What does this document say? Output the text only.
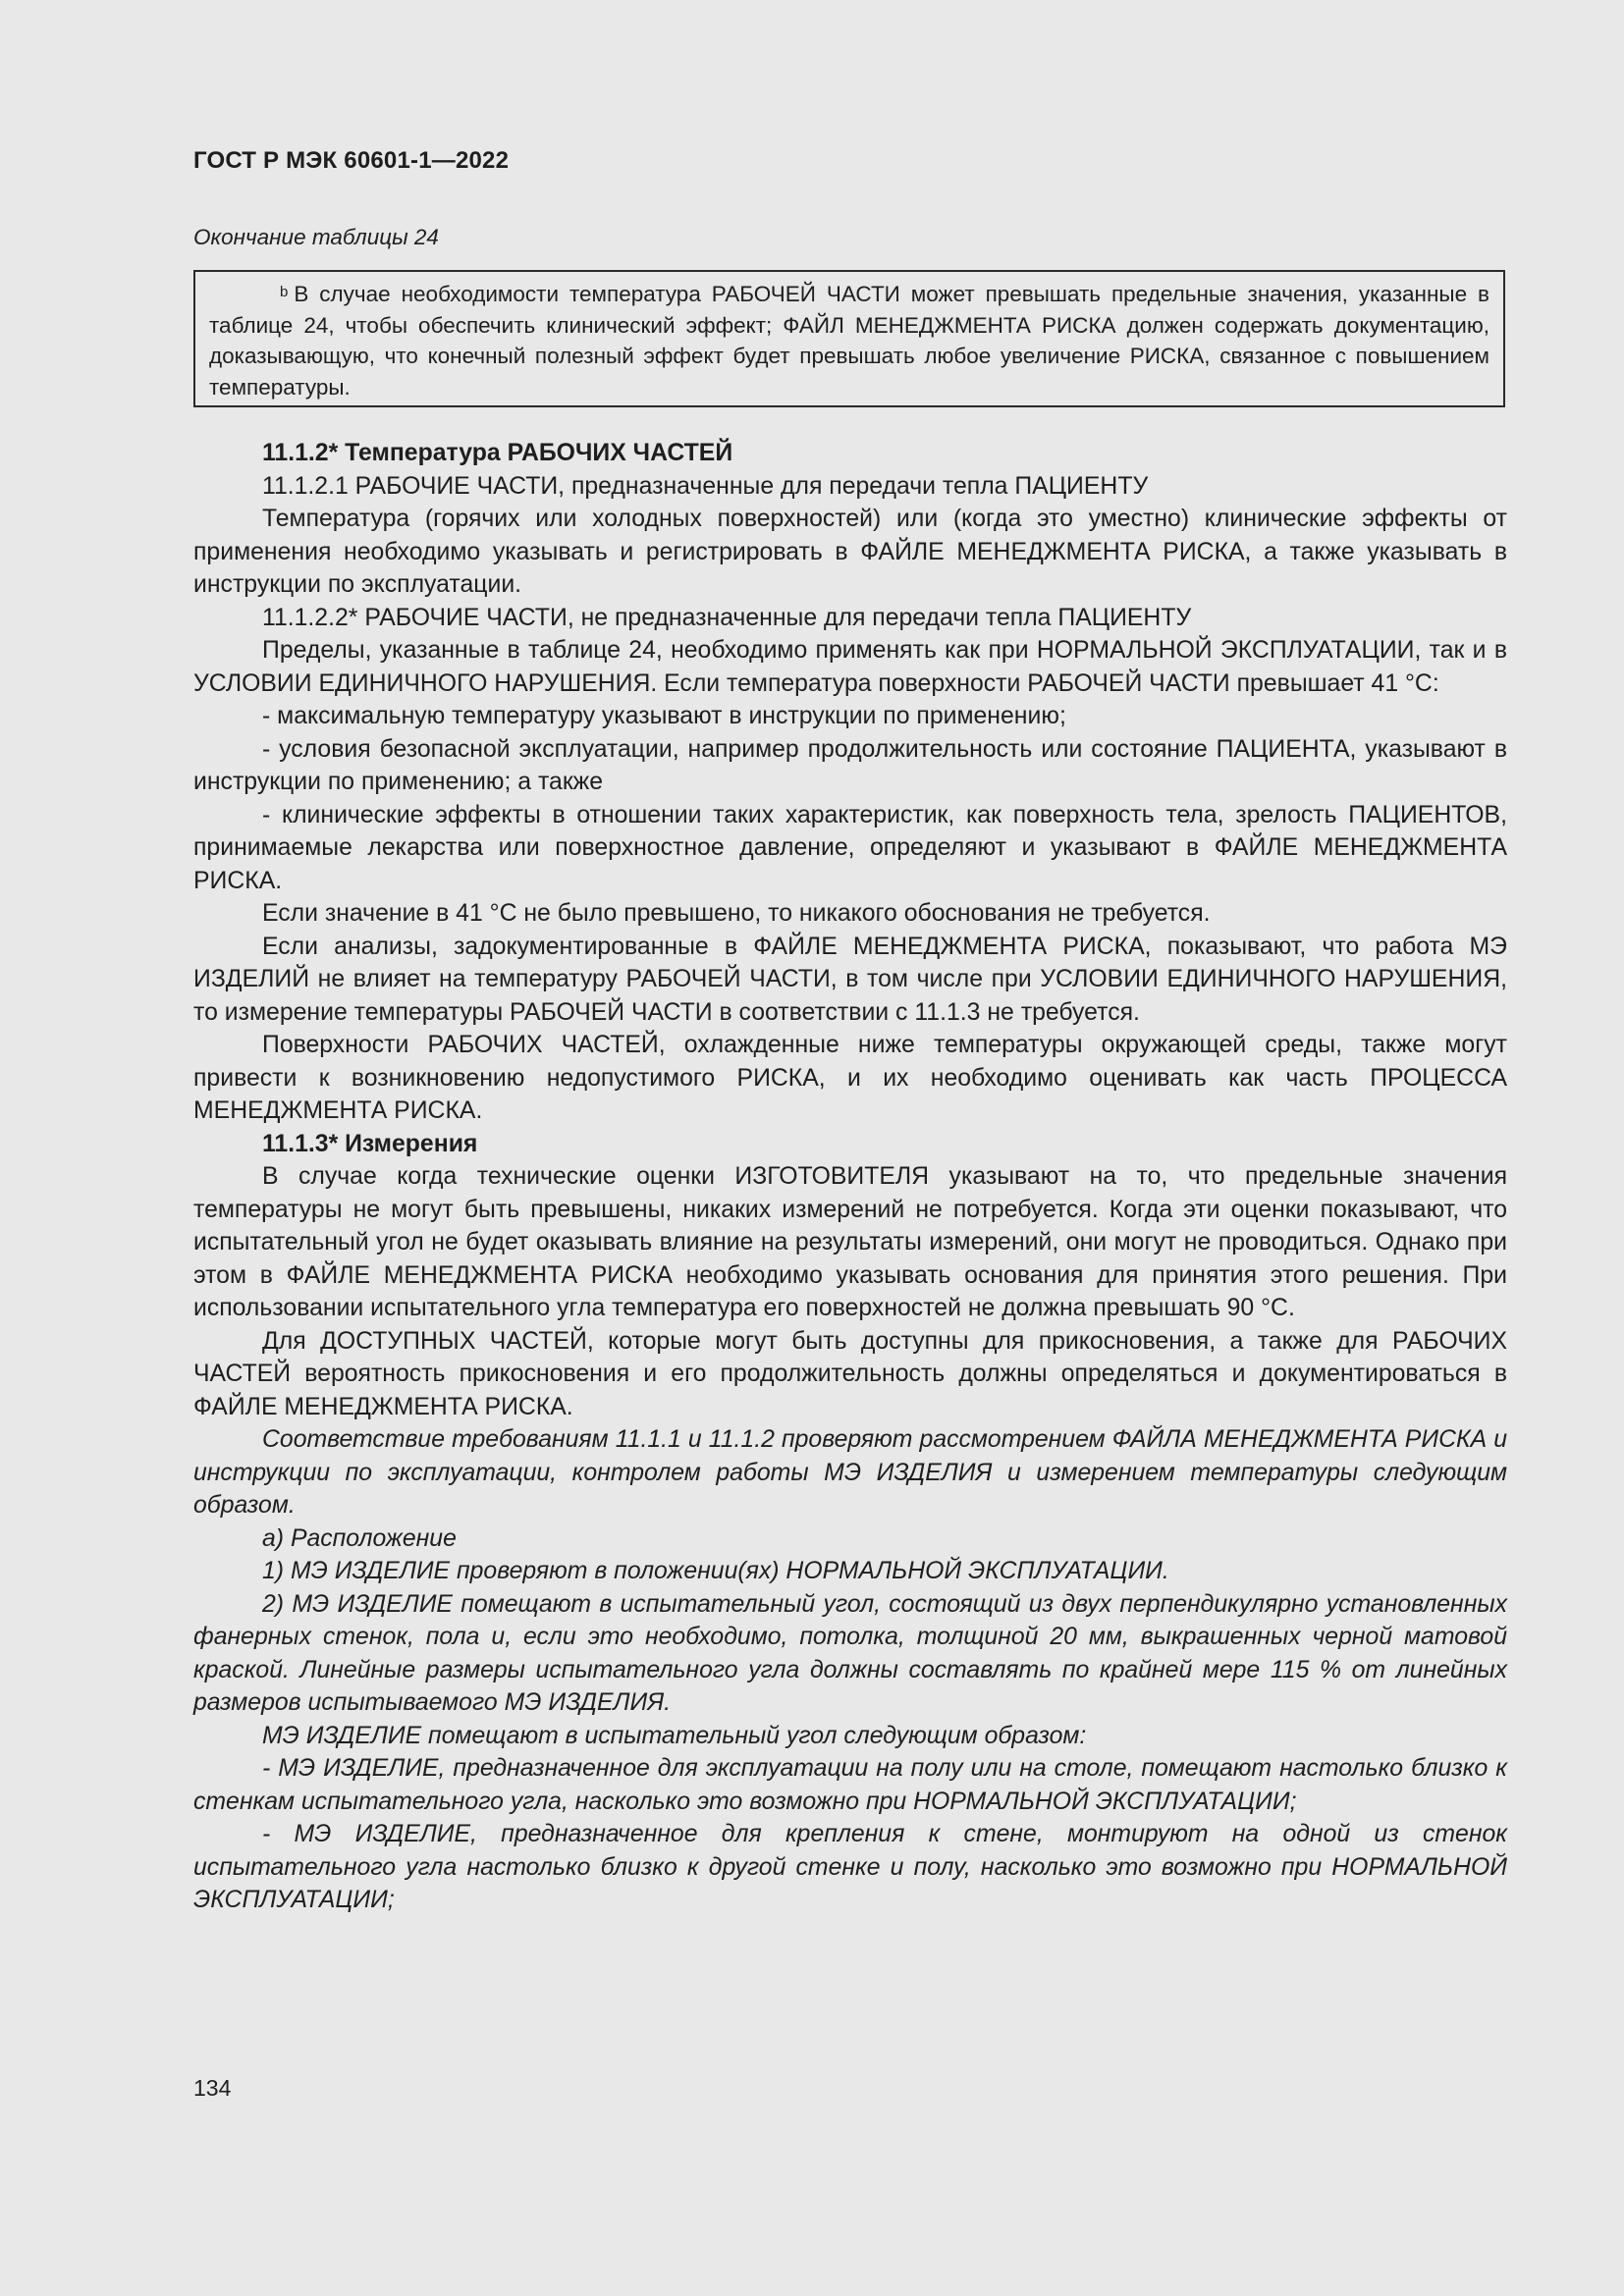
ГОСТ Р МЭК 60601-1—2022
Окончание таблицы 24

$^b$ В случае необходимости температура РАБОЧЕЙ ЧАСТИ может превышать предельные значения, указанные в таблице 24, чтобы обеспечить клинический эффект; ФАЙЛ МЕНЕДЖМЕНТА РИСКА должен содержать документацию, доказывающую, что конечный полезный эффект будет превышать любое увеличение РИСКА, связанное с повышением температуры.

11.1.2* Температура РАБОЧИХ ЧАСТЕЙ

11.1.2.1 РАБОЧИЕ ЧАСТИ, предназначенные для передачи тепла ПАЦИЕНТУ

Температура (горячих или холодных поверхностей) или (когда это уместно) клинические эффекты от применения необходимо указывать и регистрировать в ФАЙЛЕ МЕНЕДЖМЕНТА РИСКА, а также указывать в инструкции по эксплуатации.

11.1.2.2* РАБОЧИЕ ЧАСТИ, не предназначенные для передачи тепла ПАЦИЕНТУ

Пределы, указанные в таблице 24, необходимо применять как при НОРМАЛЬНОЙ ЭКСПЛУАТАЦИИ, так и в УСЛОВИИ ЕДИНИЧНОГО НАРУШЕНИЯ. Если температура поверхности РАБОЧЕЙ ЧАСТИ превышает 41 °С:

- максимальную температуру указывают в инструкции по применению;

- условия безопасной эксплуатации, например продолжительность или состояние ПАЦИЕНТА, указывают в инструкции по применению; а также

- клинические эффекты в отношении таких характеристик, как поверхность тела, зрелость ПАЦИЕНТОВ, принимаемые лекарства или поверхностное давление, определяют и указывают в ФАЙЛЕ МЕНЕДЖМЕНТА РИСКА.

Если значение в 41 °С не было превышено, то никакого обоснования не требуется.

Если анализы, задокументированные в ФАЙЛЕ МЕНЕДЖМЕНТА РИСКА, показывают, что работа МЭ ИЗДЕЛИЙ не влияет на температуру РАБОЧЕЙ ЧАСТИ, в том числе при УСЛОВИИ ЕДИНИЧНОГО НАРУШЕНИЯ, то измерение температуры РАБОЧЕЙ ЧАСТИ в соответствии с 11.1.3 не требуется.

Поверхности РАБОЧИХ ЧАСТЕЙ, охлажденные ниже температуры окружающей среды, также могут привести к возникновению недопустимого РИСКА, и их необходимо оценивать как часть ПРОЦЕССА МЕНЕДЖМЕНТА РИСКА.

11.1.3* Измерения

В случае когда технические оценки ИЗГОТОВИТЕЛЯ указывают на то, что предельные значения температуры не могут быть превышены, никаких измерений не потребуется. Когда эти оценки показывают, что испытательный угол не будет оказывать влияние на результаты измерений, они могут не проводиться. Однако при этом в ФАЙЛЕ МЕНЕДЖМЕНТА РИСКА необходимо указывать основания для принятия этого решения. При использовании испытательного угла температура его поверхностей не должна превышать 90 °С.

Для ДОСТУПНЫХ ЧАСТЕЙ, которые могут быть доступны для прикосновения, а также для РАБОЧИХ ЧАСТЕЙ вероятность прикосновения и его продолжительность должны определяться и документироваться в ФАЙЛЕ МЕНЕДЖМЕНТА РИСКА.

Соответствие требованиям 11.1.1 и 11.1.2 проверяют рассмотрением ФАЙЛА МЕНЕДЖМЕНТА РИСКА и инструкции по эксплуатации, контролем работы МЭ ИЗДЕЛИЯ и измерением температуры следующим образом.

a) Расположение

1) МЭ ИЗДЕЛИЕ проверяют в положении(ях) НОРМАЛЬНОЙ ЭКСПЛУАТАЦИИ.

2) МЭ ИЗДЕЛИЕ помещают в испытательный угол, состоящий из двух перпендикулярно установленных фанерных стенок, пола и, если это необходимо, потолка, толщиной 20 мм, выкрашенных черной матовой краской. Линейные размеры испытательного угла должны составлять по крайней мере 115 % от линейных размеров испытываемого МЭ ИЗДЕЛИЯ.

МЭ ИЗДЕЛИЕ помещают в испытательный угол следующим образом:

- МЭ ИЗДЕЛИЕ, предназначенное для эксплуатации на полу или на столе, помещают настолько близко к стенкам испытательного угла, насколько это возможно при НОРМАЛЬНОЙ ЭКСПЛУАТАЦИИ;

- МЭ ИЗДЕЛИЕ, предназначенное для крепления к стене, монтируют на одной из стенок испытательного угла настолько близко к другой стенке и полу, насколько это возможно при НОРМАЛЬНОЙ ЭКСПЛУАТАЦИИ;

134
